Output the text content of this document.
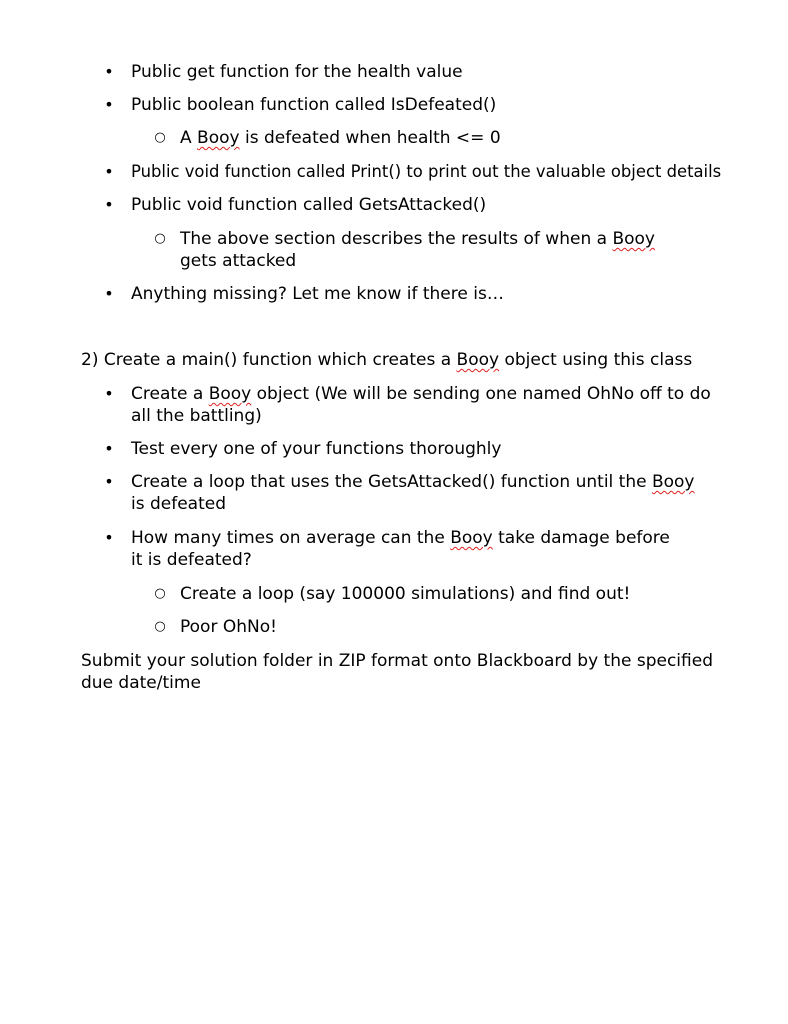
•	Public get function for the health value
•	Public boolean function called IsDefeated()
○ A Booy is defeated when health <= 0
•	Public void function called Print() to print out the valuable object details
•	Public void function called GetsAttacked()
○ The above section describes the results of when a Booy gets attacked
•	Anything missing? Let me know if there is…
2) Create a main() function which creates a Booy object using this class
•	Create a Booy object (We will be sending one named OhNo off to do all the battling)
•	Test every one of your functions thoroughly
•	Create a loop that uses the GetsAttacked() function until the Booy is defeated
•	How many times on average can the Booy take damage before it is defeated?
○ Create a loop (say 100000 simulations) and find out!
○ Poor OhNo!
Submit your solution folder in ZIP format onto Blackboard by the specified due date/time
